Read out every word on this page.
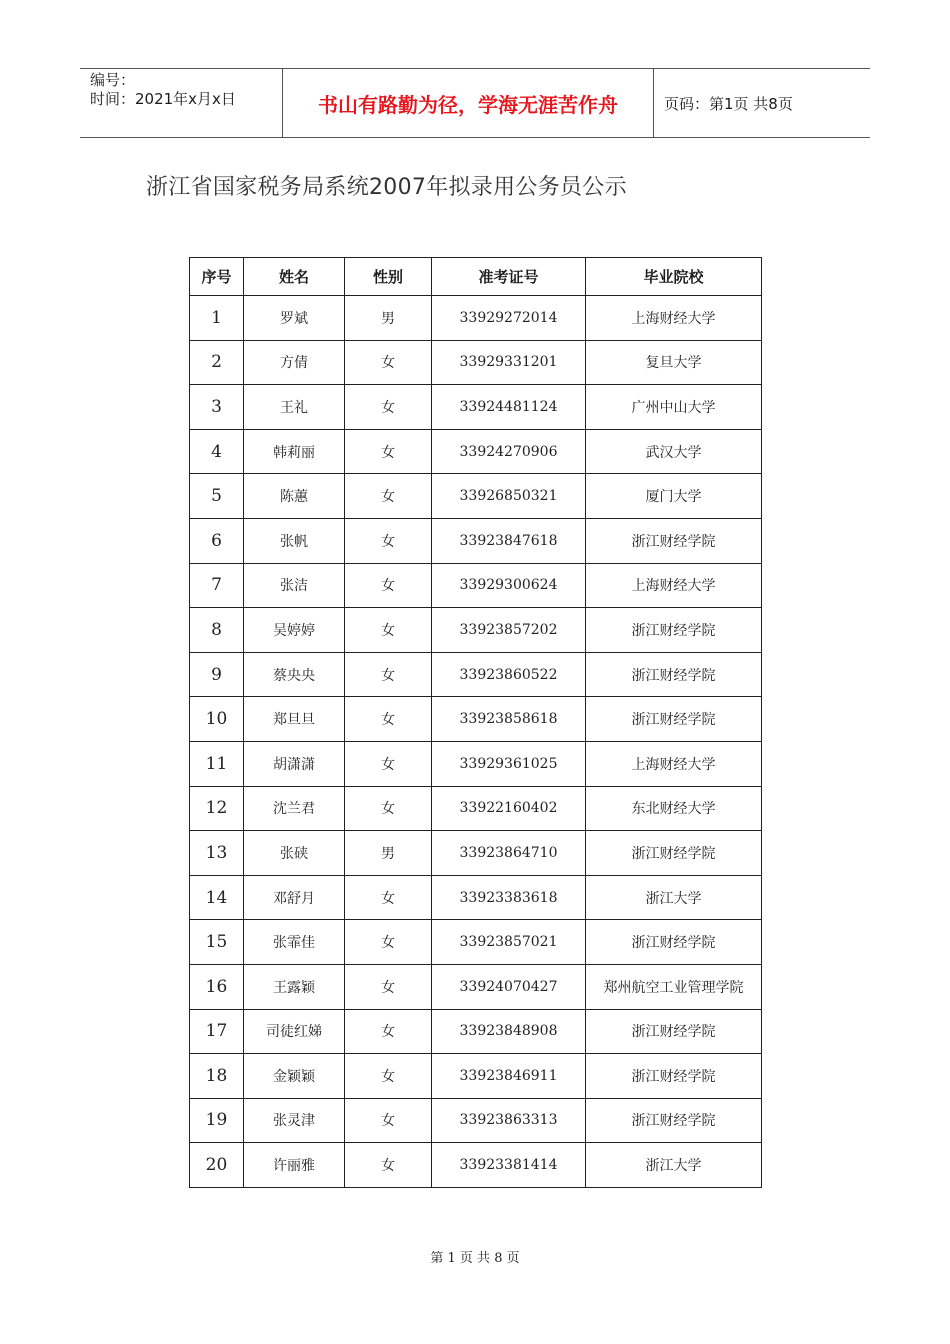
编号：
时间：2021年x月x日	书山有路勤为径，学海无涯苦作舟	页码：第1页 共8页
浙江省国家税务局系统2007年拟录用公务员公示
序号	姓名	性别	准考证号	毕业院校
1	罗斌	男	33929272014	上海财经大学
2	方倩	女	33929331201	复旦大学
3	王礼	女	33924481124	广州中山大学
4	韩莉丽	女	33924270906	武汉大学
5	陈蕙	女	33926850321	厦门大学
6	张帆	女	33923847618	浙江财经学院
7	张洁	女	33929300624	上海财经大学
8	吴婷婷	女	33923857202	浙江财经学院
9	蔡央央	女	33923860522	浙江财经学院
10	郑旦旦	女	33923858618	浙江财经学院
11	胡潇潇	女	33929361025	上海财经大学
12	沈兰君	女	33922160402	东北财经大学
13	张硖	男	33923864710	浙江财经学院
14	邓舒月	女	33923383618	浙江大学
15	张霏佳	女	33923857021	浙江财经学院
16	王露颖	女	33924070427	郑州航空工业管理学院
17	司徒红娣	女	33923848908	浙江财经学院
18	金颖颖	女	33923846911	浙江财经学院
19	张灵津	女	33923863313	浙江财经学院
20	许丽雅	女	33923381414	浙江大学
第 1 页 共 8 页
